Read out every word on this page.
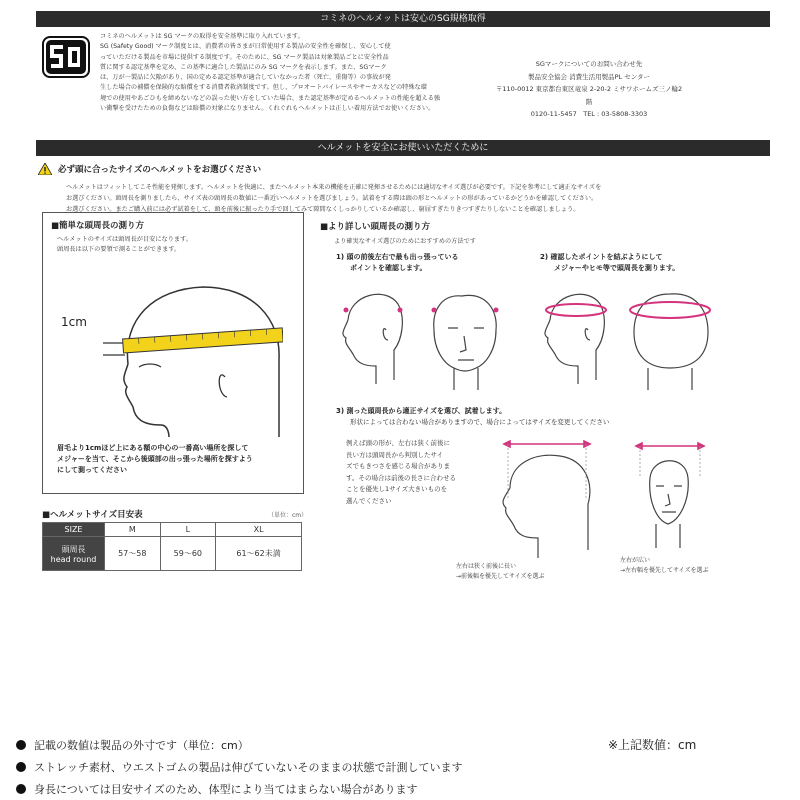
コミネのヘルメットは安心のSG規格取得
コミネのヘルメットは SG マークの取得を安全基準に取り入れています。
SG (Safety Good) マーク制度とは、消費者の皆さまが日常使用する製品の安全性を確保し、安心して使
っていただける製品を市場に提供する制度です。そのために、SG マーク製品は対象製品ごとに安全性品
質に関する認定基準を定め、この基準に適合した製品にのみ SG マークを表示します。また、SGマーク
は、万が一製品に欠陥があり、国の定める認定基準が適合していなかった者（死亡、重傷等）の事故が発
生した場合の補償を保険的な賠償をする消費者救済制度です。但し、プロオートバイレースやサーカスなどの特殊な環
境での使用やあごひもを締めないなどの誤った使い方をしていた場合、また認定基準が定めるヘルメットの性能を超える強
い衝撃を受けたための負傷などは賠償の対象になりません。くれぐれもヘルメットは正しい着用方法でお使いください。
SGマークについてのお問い合わせ先
製品安全協会 消費生活用製品PL センター
〒110-0012 東京都台東区竜泉 2-20-2 ミサワホームズ三ノ輪2階
0120-11-5457　TEL : 03-5808-3303
ヘルメットを安全にお使いいただくために
必ず頭に合ったサイズのヘルメットをお選びください
ヘルメットはフィットしてこそ性能を発揮します。ヘルメットを快適に、またヘルメット本来の機能を正確に発揮させるためには適切なサイズ選びが必要です。下記を参考にして適正なサイズを
お選びください。頭周長を測りましたら、サイズ表の頭周長の数値に一番近いヘルメットを選びましょう。試着をする際は頭の形とヘルメットの形があっているかどうかを確認してください。
お選びください。またご購入前には必ず試着をして、頭を前後に振ったり手で回してみて隙間なくしっかりしているか確認し、窮屈すぎたりきつすぎたりしないことを確認しましょう。
■簡単な頭周長の測り方
ヘルメットのサイズは頭周長が目安になります。
頭周長は以下の要領で測ることができます。
1cm
眉毛より1cmほど上にある額の中心の一番高い場所を探して
メジャーを当て、そこから後頭部の出っ張った場所を探すよう
にして測ってください
■ヘルメットサイズ目安表	（単位：cm）
SIZE	M	L	XL

頭周長
head round	57〜58	59〜60	61〜62未満
■より詳しい頭周長の測り方
より確実なサイズ選びのためにおすすめの方法です
1) 頭の前後左右で最も出っ張っている
ポイントを確認します。
2) 確認したポイントを結ぶようにして
メジャーやヒモ等で頭周長を測ります。
3) 測った頭周長から適正サイズを選び、試着します。
形状によっては合わない場合がありますので、場合によってはサイズを変更してください
例えば頭の形が、左右は狭く前後に
長い方は頭周長から判別したサイ
ズでもきつさを感じる場合がありま
す。その場合は前後の長さに合わせる
ことを優先し1サイズ大きいものを
選んでください
左右は狭く前後に長い
→前後幅を優先してサイズを選ぶ
左右が広い
→左右幅を優先してサイズを選ぶ
記載の数値は製品の外寸です（単位：cm）
ストレッチ素材、ウエストゴムの製品は伸びていないそのままの状態で計測しています
身長については目安サイズのため、体型により当てはまらない場合があります
※上記数値：cm
